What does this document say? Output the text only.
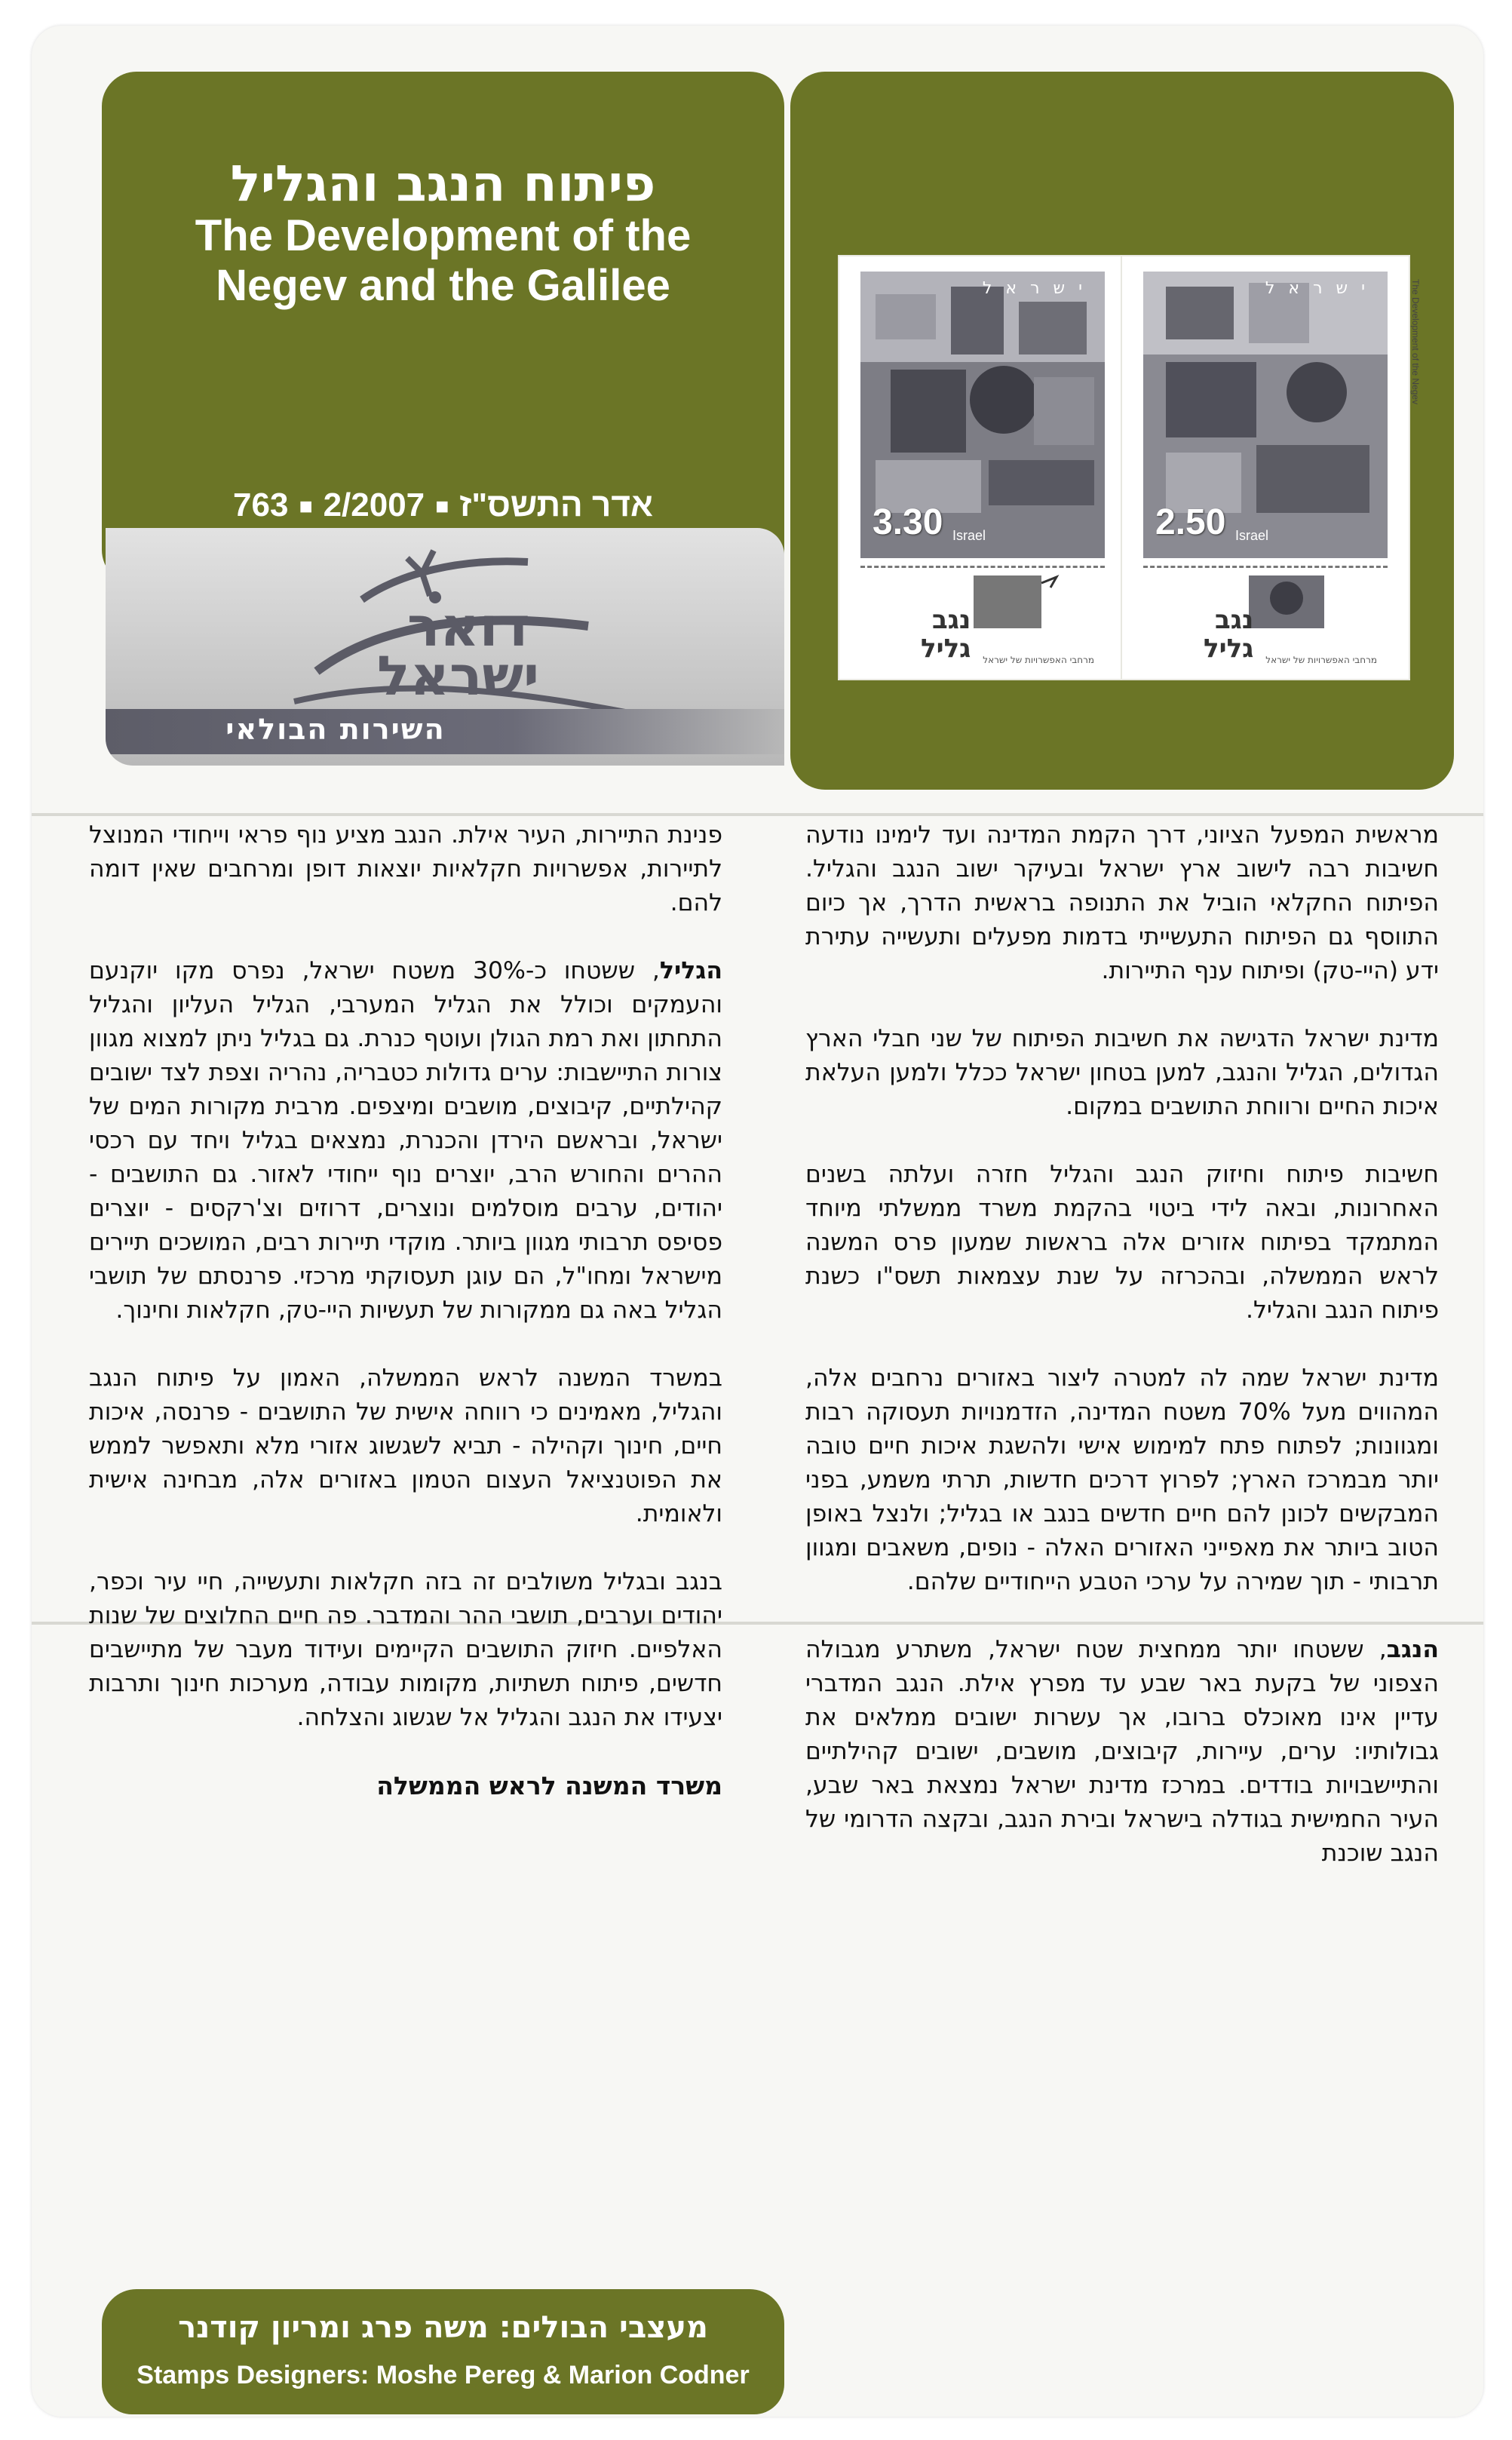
פיתוח הנגב והגליל
The Development of the
Negev and the Galilee
763 ■ 2/2007 ■ אדר התשס"ז
דואר
ישראל
השירות הבולאי
ישראל
3.30 Israel
נגב
גליל	מרחבי האפשרויות של ישראל
ישראל
2.50 Israel
The Development of the Negev
נגב
גליל	מרחבי האפשרויות של ישראל

מראשית המפעל הציוני, דרך הקמת המדינה ועד לימינו נודעה חשיבות רבה לישוב ארץ ישראל ובעיקר ישוב הנגב והגליל. הפיתוח החקלאי הוביל את התנופה בראשית הדרך, אך כיום התווסף גם הפיתוח התעשייתי בדמות מפעלים ותעשייה עתירת ידע (היי-טק) ופיתוח ענף התיירות.

מדינת ישראל הדגישה את חשיבות הפיתוח של שני חבלי הארץ הגדולים, הגליל והנגב, למען בטחון ישראל ככלל ולמען העלאת איכות החיים ורווחת התושבים במקום.

חשיבות פיתוח וחיזוק הנגב והגליל חזרה ועלתה בשנים האחרונות, ובאה לידי ביטוי בהקמת משרד ממשלתי מיוחד המתמקד בפיתוח אזורים אלה בראשות שמעון פרס המשנה לראש הממשלה, ובהכרזה על שנת עצמאות תשס"ו כשנת פיתוח הנגב והגליל.

מדינת ישראל שמה לה למטרה ליצור באזורים נרחבים אלה, המהווים מעל 70% משטח המדינה, הזדמנויות תעסוקה רבות ומגוונות; לפתוח פתח למימוש אישי ולהשגת איכות חיים טובה יותר מבמרכז הארץ; לפרוץ דרכים חדשות, תרתי משמע, בפני המבקשים לכונן להם חיים חדשים בנגב או בגליל; ולנצל באופן הטוב ביותר את מאפייני האזורים האלה - נופים, משאבים ומגוון תרבותי - תוך שמירה על ערכי הטבע הייחודיים שלהם.

הנגב, ששטחו יותר ממחצית שטח ישראל, משתרע מגבולה הצפוני של בקעת באר שבע עד מפרץ אילת. הנגב המדברי עדיין אינו מאוכלס ברובו, אך עשרות ישובים ממלאים את גבולותיו: ערים, עיירות, קיבוצים, מושבים, ישובים קהילתיים והתיישבויות בודדים. במרכז מדינת ישראל נמצאת באר שבע, העיר החמישית בגודלה בישראל ובירת הנגב, ובקצה הדרומי של הנגב שוכנת

פנינת התיירות, העיר אילת. הנגב מציע נוף פראי וייחודי המנוצל לתיירות, אפשרויות חקלאיות יוצאות דופן ומרחבים שאין דומה להם.

הגליל, ששטחו כ-30% משטח ישראל, נפרס מקו יוקנעם והעמקים וכולל את הגליל המערבי, הגליל העליון והגליל התחתון ואת רמת הגולן ועוטף כנרת. גם בגליל ניתן למצוא מגוון צורות התיישבות: ערים גדולות כטבריה, נהריה וצפת לצד ישובים קהילתיים, קיבוצים, מושבים ומיצפים. מרבית מקורות המים של ישראל, ובראשם הירדן והכנרת, נמצאים בגליל ויחד עם רכסי ההרים והחורש הרב, יוצרים נוף ייחודי לאזור. גם התושבים - יהודים, ערבים מוסלמים ונוצרים, דרוזים וצ'רקסים - יוצרים פסיפס תרבותי מגוון ביותר. מוקדי תיירות רבים, המושכים תיירים מישראל ומחו"ל, הם עוגן תעסוקתי מרכזי. פרנסתם של תושבי הגליל באה גם ממקורות של תעשיות היי-טק, חקלאות וחינוך.

במשרד המשנה לראש הממשלה, האמון על פיתוח הנגב והגליל, מאמינים כי רווחה אישית של התושבים - פרנסה, איכות חיים, חינוך וקהילה - תביא לשגשוג אזורי מלא ותאפשר לממש את הפוטנציאל העצום הטמון באזורים אלה, מבחינה אישית ולאומית.

בנגב ובגליל משולבים זה בזה חקלאות ותעשייה, חיי עיר וכפר, יהודים וערבים, תושבי ההר והמדבר. פה חיים החלוצים של שנות האלפיים. חיזוק התושבים הקיימים ועידוד מעבר של מתיישבים חדשים, פיתוח תשתיות, מקומות עבודה, מערכות חינוך ותרבות יצעידו את הנגב והגליל אל שגשוג והצלחה.

משרד המשנה לראש הממשלה

מעצבי הבולים: משה פרג ומריון קודנר
Stamps Designers: Moshe Pereg & Marion Codner
